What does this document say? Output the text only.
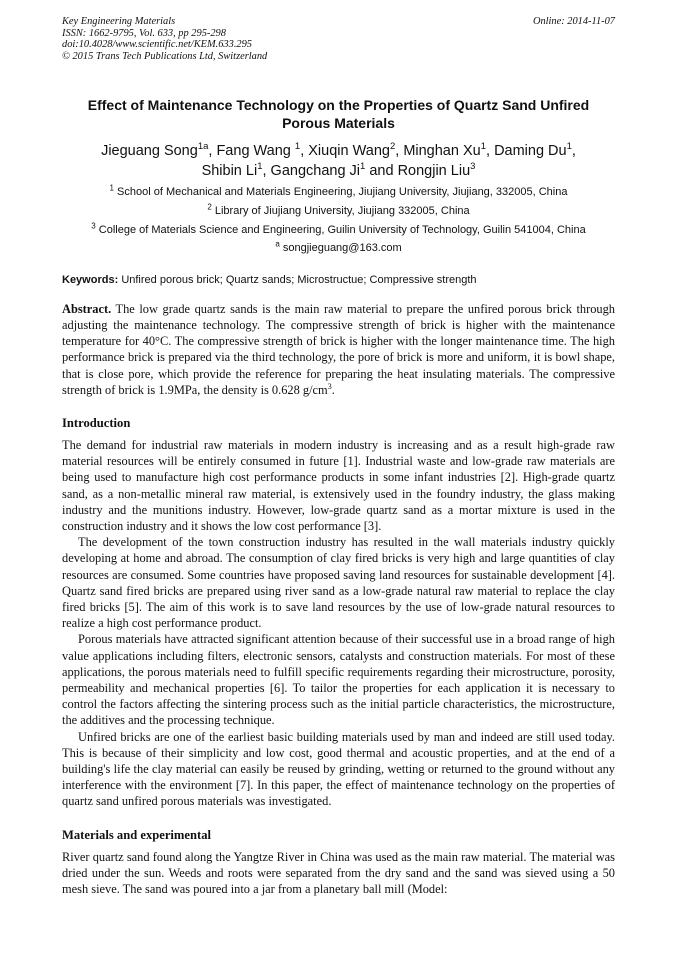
Key Engineering Materials
ISSN: 1662-9795, Vol. 633, pp 295-298
doi:10.4028/www.scientific.net/KEM.633.295
© 2015 Trans Tech Publications Ltd, Switzerland
Online: 2014-11-07
Effect of Maintenance Technology on the Properties of Quartz Sand Unfired Porous Materials
Jieguang Song$^{1a}$, Fang Wang $^1$, Xiuqin Wang$^2$, Minghan Xu$^1$, Daming Du$^1$,
Shibin Li$^1$, Gangchang Ji$^1$ and Rongjin Liu$^3$
$^1$ School of Mechanical and Materials Engineering, Jiujiang University, Jiujiang, 332005, China
$^2$ Library of Jiujiang University, Jiujiang 332005, China
$^3$ College of Materials Science and Engineering, Guilin University of Technology, Guilin 541004, China
$^a$ songjieguang@163.com
Keywords: Unfired porous brick; Quartz sands; Microstructue; Compressive strength
Abstract. The low grade quartz sands is the main raw material to prepare the unfired porous brick through adjusting the maintenance technology. The compressive strength of brick is higher with the maintenance temperature for 40°C. The compressive strength of brick is higher with the longer maintenance time. The high performance brick is prepared via the third technology, the pore of brick is more and uniform, it is bowl shape, that is close pore, which provide the reference for preparing the heat insulating materials. The compressive strength of brick is 1.9MPa, the density is 0.628 $g/cm^3$.
Introduction

The demand for industrial raw materials in modern industry is increasing and as a result high-grade raw material resources will be entirely consumed in future [1]. Industrial waste and low-grade raw materials are being used to manufacture high cost performance products in some infant industries [2]. High-grade quartz sand, as a non-metallic mineral raw material, is extensively used in the foundry industry, the glass making industry and the munitions industry. However, low-grade quartz sand as a mortar mixture is used in the construction industry and it shows the low cost performance [3].

The development of the town construction industry has resulted in the wall materials industry quickly developing at home and abroad. The consumption of clay fired bricks is very high and large quantities of clay resources are consumed. Some countries have proposed saving land resources for sustainable development [4]. Quartz sand fired bricks are prepared using river sand as a low-grade natural raw material to replace the clay fired bricks [5]. The aim of this work is to save land resources by the use of low-grade natural resources to realize a high cost performance product.

Porous materials have attracted significant attention because of their successful use in a broad range of high value applications including filters, electronic sensors, catalysts and construction materials. For most of these applications, the porous materials need to fulfill specific requirements regarding their microstructure, porosity, permeability and mechanical properties [6]. To tailor the properties for each application it is necessary to control the factors affecting the sintering process such as the initial particle characteristics, the microstructure, the additives and the processing technique.

Unfired bricks are one of the earliest basic building materials used by man and indeed are still used today. This is because of their simplicity and low cost, good thermal and acoustic properties, and at the end of a building's life the clay material can easily be reused by grinding, wetting or returned to the ground without any interference with the environment [7]. In this paper, the effect of maintenance technology on the properties of quartz sand unfired porous materials was investigated.

Materials and experimental

River quartz sand found along the Yangtze River in China was used as the main raw material. The material was dried under the sun. Weeds and roots were separated from the dry sand and the sand was sieved using a 50 mesh sieve. The sand was poured into a jar from a planetary ball mill (Model:
